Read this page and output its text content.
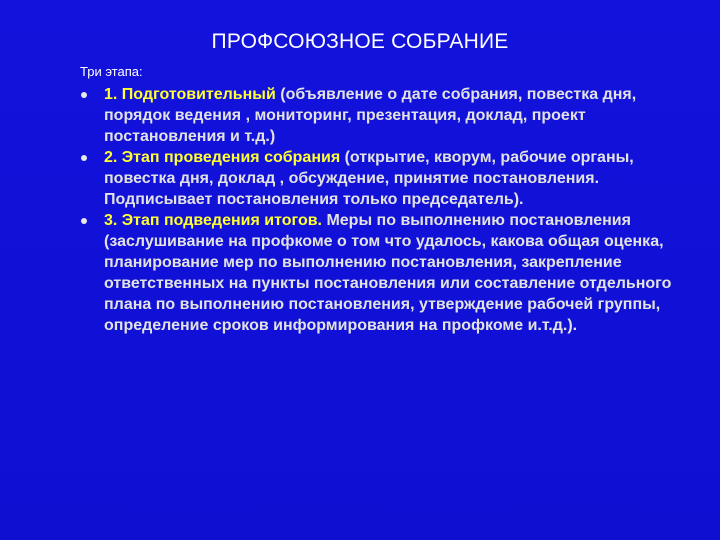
ПРОФСОЮЗНОЕ СОБРАНИЕ
Три этапа:
1. Подготовительный (объявление о дате собрания, повестка дня, порядок ведения , мониторинг, презентация, доклад, проект постановления и т.д.)
2. Этап проведения собрания (открытие, кворум, рабочие органы, повестка дня, доклад , обсуждение, принятие постановления. Подписывает постановления только председатель).
3. Этап подведения итогов. Меры по выполнению постановления (заслушивание на профкоме о том что удалось, какова общая оценка, планирование мер по выполнению постановления, закрепление ответственных на пункты постановления или составление отдельного плана по выполнению постановления, утверждение рабочей группы, определение сроков информирования на профкоме и.т.д.).
